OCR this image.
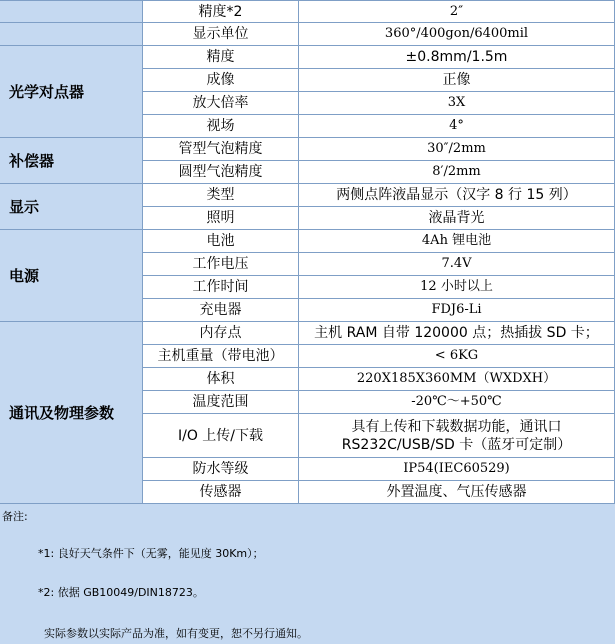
	精度*2	2″
	显示单位	360°/400gon/6400mil
光学对点器	精度	±0.8mm/1.5m
	成像	正像
	放大倍率	3X
	视场	4°
补偿器	管型气泡精度	30″/2mm
	圆型气泡精度	8′/2mm
显示	类型	两侧点阵液晶显示（汉字 8 行 15 列）
	照明	液晶背光
电源	电池	4Ah 锂电池
	工作电压	7.4V
	工作时间	12 小时以上
	充电器	FDJ6-Li
通讯及物理参数	内存点	主机 RAM 自带 120000 点；热插拔 SD 卡；
	主机重量（带电池）	< 6KG
	体积	220X185X360MM（WXDXH）
	温度范围	-20℃～+50℃
	I/O 上传/下载	具有上传和下载数据功能，通讯口
RS232C/USB/SD 卡（蓝牙可定制）

	防水等级	IP54(IEC60529)
	传感器	外置温度、气压传感器
备注:
*1: 良好天气条件下（无雾，能见度 30Km）；
*2: 依据 GB10049/DIN18723。
实际参数以实际产品为准，如有变更，恕不另行通知。
